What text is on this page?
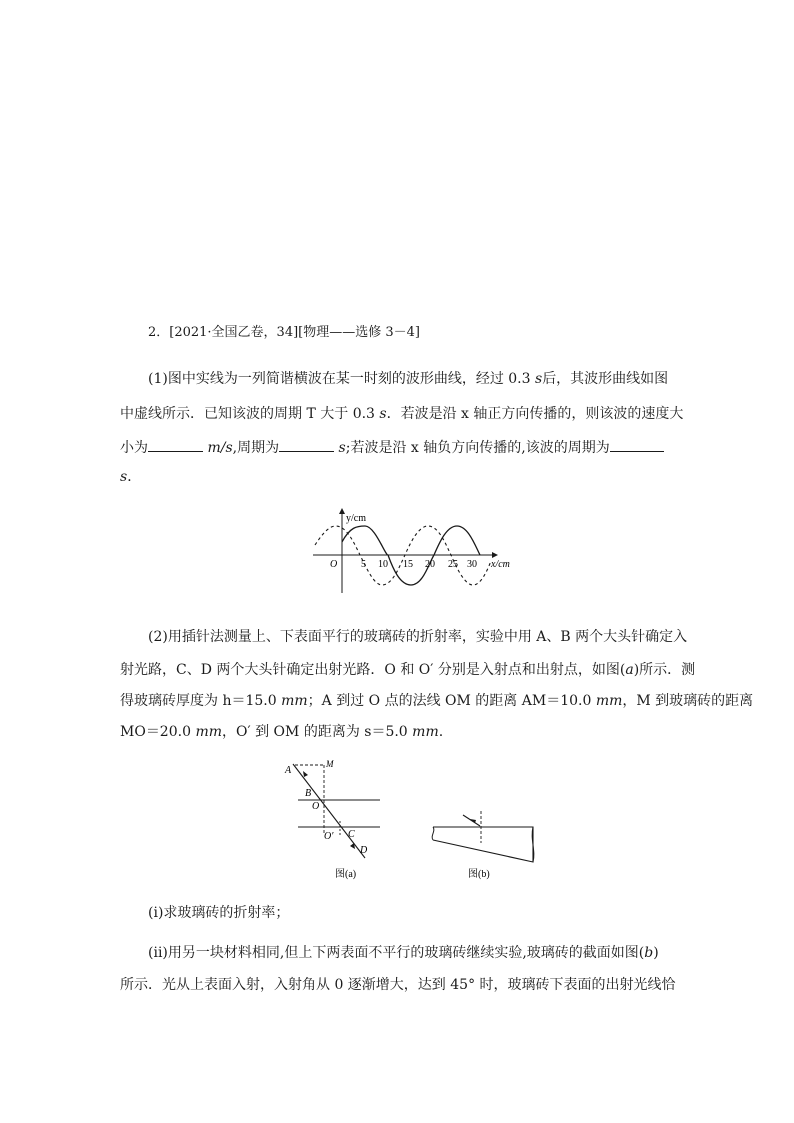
2．[2021·全国乙卷，34][物理——选修 3－4]
(1)图中实线为一列简谐横波在某一时刻的波形曲线，经过 0.3 s后，其波形曲线如图
中虚线所示．已知该波的周期 T 大于 0.3 s．若波是沿 x 轴正方向传播的，则该波的速度大
小为	m/s,周期为	s;若波是沿 x 轴负方向传播的,该波的周期为
s．
y/cm
x/cm
O 5 10 15 20 25 30
(2)用插针法测量上、下表面平行的玻璃砖的折射率，实验中用 A、B 两个大头针确定入
射光路，C、D 两个大头针确定出射光路．O 和 O′ 分别是入射点和出射点，如图(a)所示．测
得玻璃砖厚度为 h＝15.0 mm；A 到过 O 点的法线 OM 的距离 AM＝10.0 mm，M 到玻璃砖的距离
MO＝20.0 mm，O′ 到 OM 的距离为 s＝5.0 mm.
A
M
B
O
O′ C
D
图(a)	图(b)
(ⅰ)求玻璃砖的折射率；
(ⅱ)用另一块材料相同,但上下两表面不平行的玻璃砖继续实验,玻璃砖的截面如图(b)
所示．光从上表面入射，入射角从 0 逐渐增大，达到 45° 时，玻璃砖下表面的出射光线恰
